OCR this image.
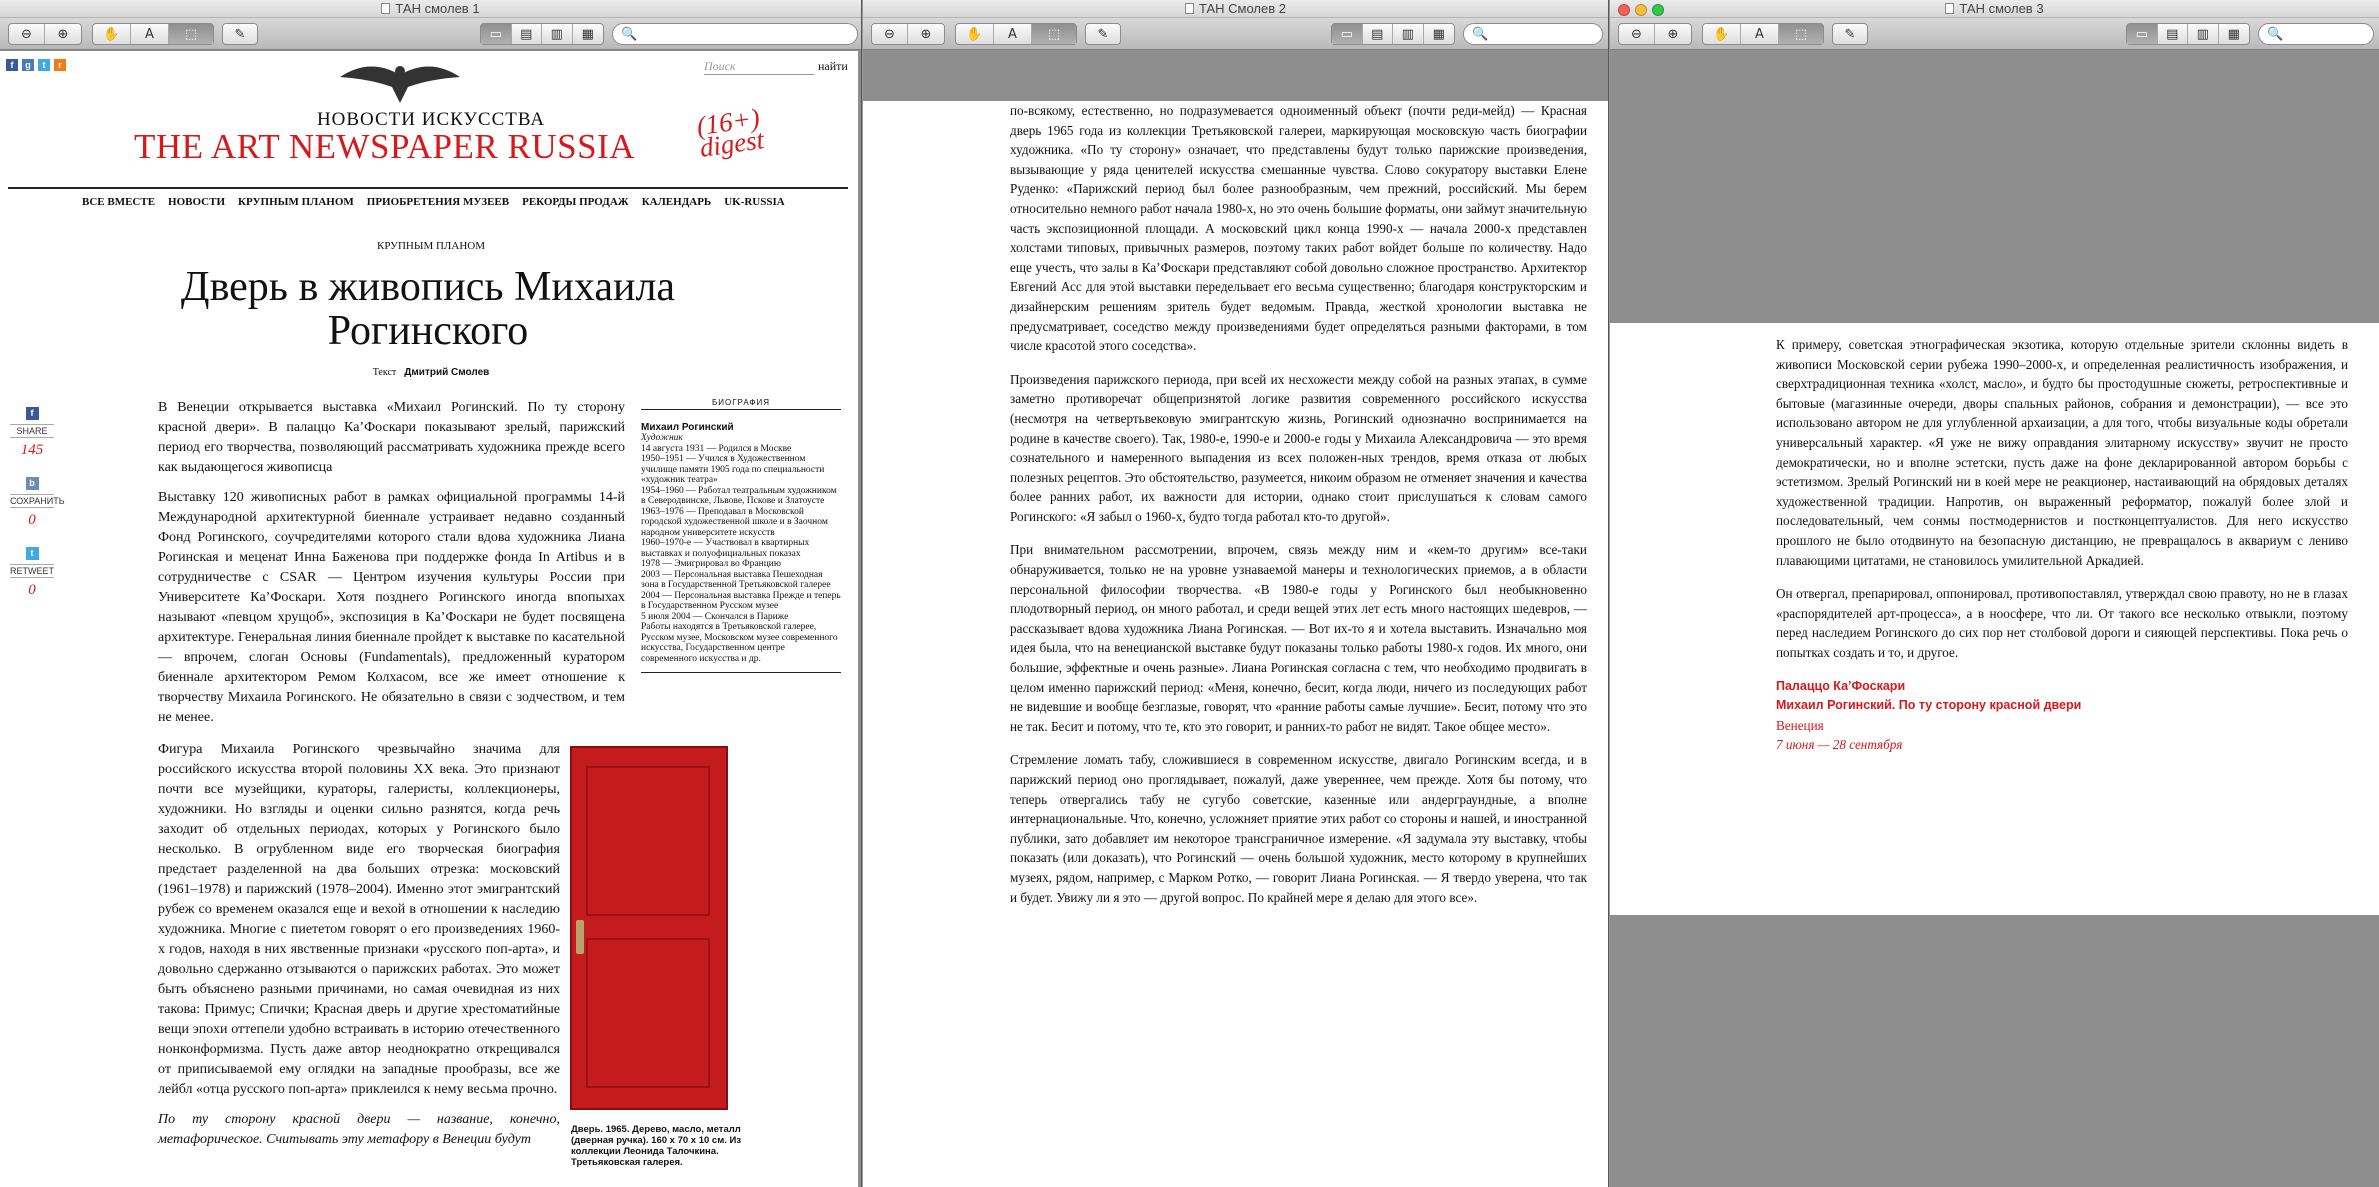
ТАН смолев 1
⊖	⊕	✋	A	⬚	✎	▭	▤	▥	▦	🔍
f	g	t	r
НОВОСТИ ИСКУССТВА
THE ART NEWSPAPER RUSSIA
(16+) digest
Поиск	найти
ВСЕ ВМЕСТЕ НОВОСТИ КРУПНЫМ ПЛАНОМ ПРИОБРЕТЕНИЯ МУЗЕЕВ РЕКОРДЫ ПРОДАЖ КАЛЕНДАРЬ UK-RUSSIA
КРУПНЫМ ПЛАНОМ
Дверь в живопись Михаила Рогинского
Текст Дмитрий Смолев
f
SHARE
145
b
СОХРАНИТЬ
0
t
RETWEET
0

В Венеции открывается выставка «Михаил Рогинский. По ту сторону красной двери». В палаццо Ка’Фоскари показывают зрелый, парижский период его творчества, позволяющий рассматривать художника прежде всего как выдающегося живописца

Выставку 120 живописных работ в рамках официальной программы 14-й Международной архитектурной биеннале устраивает недавно созданный Фонд Рогинского, соучредителями которого стали вдова художника Лиана Рогинская и меценат Инна Баженова при поддержке фонда In Artibus и в сотрудничестве с CSAR — Центром изучения культуры России при Университете Ка’Фоскари. Хотя позднего Рогинского иногда впопыхах называют «певцом хрущоб», экспозиция в Ка’Фоскари не будет посвящена архитектуре. Генеральная линия биеннале пройдет к выставке по касательной — впрочем, слоган Основы (Fundamentals), предложенный куратором биеннале архитектором Ремом Колхасом, все же имеет отношение к творчеству Михаила Рогинского. Не обязательно в связи с зодчеством, и тем не менее.

Фигура Михаила Рогинского чрезвычайно значима для российского искусства второй половины XX века. Это признают почти все музейщики, кураторы, галеристы, коллекционеры, художники. Но взгляды и оценки сильно разнятся, когда речь заходит об отдельных периодах, которых у Рогинского было несколько. В огрубленном виде его творческая биография предстает разделенной на два больших отрезка: московский (1961–1978) и парижский (1978–2004). Именно этот эмигрантский рубеж со временем оказался еще и вехой в отношении к наследию художника. Многие с пиететом говорят о его произведениях 1960-х годов, находя в них явственные признаки «русского поп-арта», и довольно сдержанно отзываются о парижских работах. Это может быть объяснено разными причинами, но самая очевидная из них такова: Примус; Спички; Красная дверь и другие хрестоматийные вещи эпохи оттепели удобно встраивать в историю отечественного нонконформизма. Пусть даже автор неоднократно открещивался от приписываемой ему оглядки на западные прообразы, все же лейбл «отца русского поп-арта» приклеился к нему весьма прочно.

По ту сторону красной двери — название, конечно, метафорическое. Считывать эту метафору в Венеции будут

БИОГРАФИЯ
Михаил Рогинский
Художник
14 августа 1931 — Родился в Москве
1950–1951 — Учился в Художественном училище памяти 1905 года по специальности «художник театра»
1954–1960 — Работал театральным художником в Северодвинске, Львове, Пскове и Златоусте
1963–1976 — Преподавал в Московской городской художественной школе и в Заочном народном университете искусств
1960–1970-е — Участвовал в квартирных выставках и полуофициальных показах
1978 — Эмигрировал во Францию
2003 — Персональная выставка Пешеходная зона в Государственной Третьяковской галерее
2004 — Персональная выставка Прежде и теперь в Государственном Русском музее
5 июля 2004 — Скончался в Париже
Работы находятся в Третьяковской галерее, Русском музее, Московском музее современного искусства, Государственном центре современного искусства и др.
Дверь. 1965. Дерево, масло, металл (дверная ручка). 160 x 70 x 10 см. Из коллекции Леонида Талочкина. Третьяковская галерея.
ТАН Смолев 2
⊖	⊕	✋	A	⬚	✎	▭	▤	▥	▦	🔍

по-всякому, естественно, но подразумевается одноименный объект (почти реди-мейд) — Красная дверь 1965 года из коллекции Третьяковской галереи, маркирующая московскую часть биографии художника. «По ту сторону» означает, что представлены будут только парижские произведения, вызывающие у ряда ценителей искусства смешанные чувства. Слово сокуратору выставки Елене Руденко: «Парижский период был более разнообразным, чем прежний, российский. Мы берем относительно немного работ начала 1980-х, но это очень большие форматы, они займут значительную часть экспозиционной площади. А московский цикл конца 1990-х — начала 2000-х представлен холстами типовых, привычных размеров, поэтому таких работ войдет больше по количеству. Надо еще учесть, что залы в Ка’Фоскари представляют собой довольно сложное пространство. Архитектор Евгений Асс для этой выставки передельвает его весьма существенно; благодаря конструкторским и дизайнерским решениям зритель будет ведомым. Правда, жесткой хронологии выставка не предусматривает, соседство между произведениями будет определяться разными факторами, в том числе красотой этого соседства».

Произведения парижского периода, при всей их несхожести между собой на разных этапах, в сумме заметно противоречат общепризнятой логике развития современного российского искусства (несмотря на четвертьвековую эмигрантскую жизнь, Рогинский однозначно воспринимается на родине в качестве своего). Так, 1980-е, 1990-е и 2000-е годы у Михаила Александровича — это время сознательного и намеренного выпадения из всех положен-ных трендов, время отказа от любых полезных рецептов. Это обстоятельство, разумеется, никоим образом не отменяет значения и качества более ранних работ, их важности для истории, однако стоит прислушаться к словам самого Рогинского: «Я забыл о 1960-х, будто тогда работал кто-то другой».

При внимательном рассмотрении, впрочем, связь между ним и «кем-то другим» все-таки обнаруживается, только не на уровне узнаваемой манеры и технологических приемов, а в области персональной философии творчества. «В 1980-е годы у Рогинского был необыкновенно плодотворный период, он много работал, и среди вещей этих лет есть много настоящих шедевров, — рассказывает вдова художника Лиана Рогинская. — Вот их-то я и хотела выставить. Изначально моя идея была, что на венецианской выставке будут показаны только работы 1980-х годов. Их много, они большие, эффектные и очень разные». Лиана Рогинская согласна с тем, что необходимо продвигать в целом именно парижский период: «Меня, конечно, бесит, когда люди, ничего из последующих работ не видевшие и вообще безглазые, говорят, что «ранние работы самые лучшие». Бесит, потому что это не так. Бесит и потому, что те, кто это говорит, и ранних-то работ не видят. Такое общее место».

Стремление ломать табу, сложившиеся в современном искусстве, двигало Рогинским всегда, и в парижский период оно проглядывает, пожалуй, даже увереннее, чем прежде. Хотя бы потому, что теперь отвергались табу не сугубо советские, казенные или андерграундные, а вполне интернациональные. Что, конечно, усложняет приятие этих работ со стороны и нашей, и иностранной публики, зато добавляет им некоторое трансграничное измерение. «Я задумала эту выставку, чтобы показать (или доказать), что Рогинский — очень большой художник, место которому в крупнейших музеях, рядом, например, с Марком Ротко, — говорит Лиана Рогинская. — Я твердо уверена, что так и будет. Увижу ли я это — другой вопрос. По крайней мере я делаю для этого все».

ТАН смолев 3
⊖	⊕	✋	A	⬚	✎	▭	▤	▥	▦	🔍

К примеру, советская этнографическая экзотика, которую отдельные зрители склонны видеть в живописи Московской серии рубежа 1990–2000-х, и определенная реалистичность изображения, и сверхтрадиционная техника «холст, масло», и будто бы простодушные сюжеты, ретроспективные и бытовые (магазинные очереди, дворы спальных районов, собрания и демонстрации), — все это использовано автором не для углубленной архаизации, а для того, чтобы визуальные коды обретали универсальный характер. «Я уже не вижу оправдания элитарному искусству» звучит не просто демократически, но и вполне эстетски, пусть даже на фоне декларированной автором борьбы с эстетизмом. Зрелый Рогинский ни в коей мере не реакционер, настаивающий на обрядовых деталях художественной традиции. Напротив, он выраженный реформатор, пожалуй более злой и последовательный, чем сонмы постмодернистов и постконцептуалистов. Для него искусство прошлого не было отодвинуто на безопасную дистанцию, не превращалось в аквариум с лениво плавающими цитатами, не становилось умилительной Аркадией.

Он отвергал, препарировал, оппонировал, противопоставлял, утверждал свою правоту, но не в глазах «распорядителей арт-процесса», а в ноосфере, что ли. От такого все несколько отвыкли, поэтому перед наследием Рогинского до сих пор нет столбовой дороги и сияющей перспективы. Пока речь о попытках создать и то, и другое.

Палаццо Ка’Фоскари
Михаил Рогинский. По ту сторону красной двери
Венеция
7 июня — 28 сентября
